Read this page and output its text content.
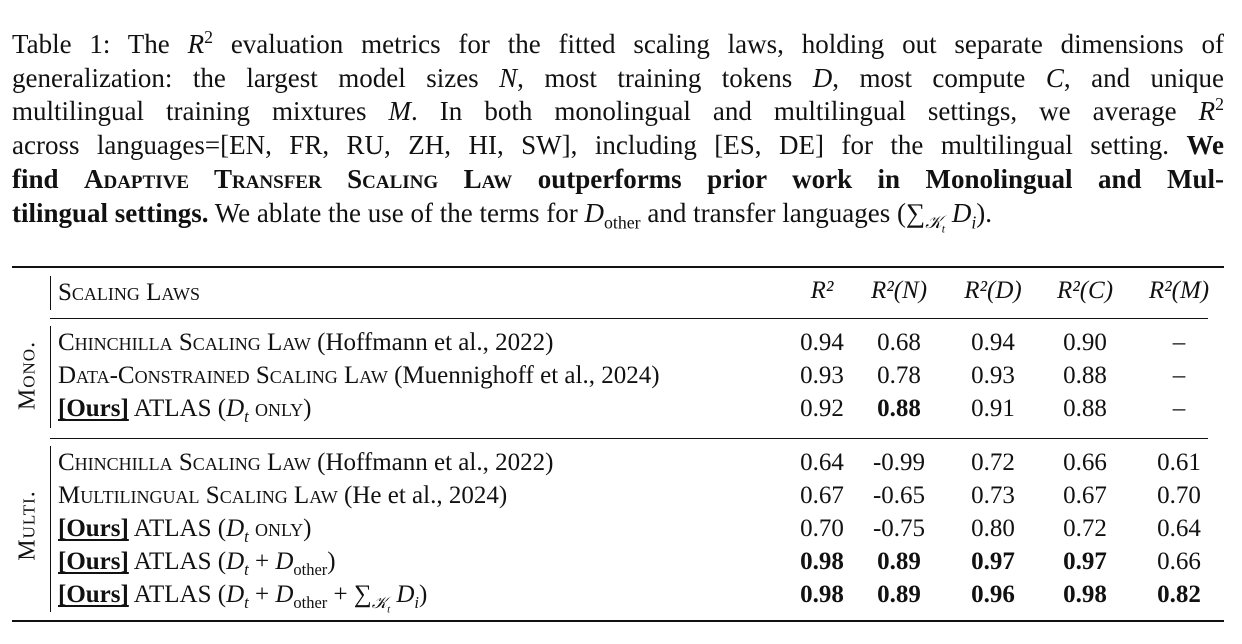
Table 1: The $R^2$ evaluation metrics for the fitted scaling laws, holding out separate dimensions of
generalization: the largest model sizes N, most training tokens D, most compute C, and unique
multilingual training mixtures M. In both monolingual and multilingual settings, we average $R^2$
across languages=[EN, FR, RU, ZH, HI, SW], including [ES, DE] for the multilingual setting. We
find Adaptive Transfer Scaling Law outperforms prior work in Monolingual and Mul-
tilingual settings. We ablate the use of the terms for $D_{other}$ and transfer languages ($\sum_{𝒦_t}$ $D_i$).
Mono.
Multi.
Scaling Laws	R²	R²(N)	R²(D)	R²(C)	R²(M)
Chinchilla Scaling Law (Hoffmann et al., 2022)	0.94	0.68	0.94	0.90	–
Data-Constrained Scaling Law (Muennighoff et al., 2024)	0.93	0.78	0.93	0.88	–
[Ours] ATLAS ($D_t$ only)	0.92	0.88	0.91	0.88	–
Chinchilla Scaling Law (Hoffmann et al., 2022)	0.64	-0.99	0.72	0.66	0.61
Multilingual Scaling Law (He et al., 2024)	0.67	-0.65	0.73	0.67	0.70
[Ours] ATLAS ($D_t$ only)	0.70	-0.75	0.80	0.72	0.64
[Ours] ATLAS $(D_t + D_{other})$	0.98	0.89	0.97	0.97	0.66
[Ours] ATLAS ($D_t + D_{other} + \sum_{𝒦_t}$ $D_i$)	0.98	0.89	0.96	0.98	0.82
